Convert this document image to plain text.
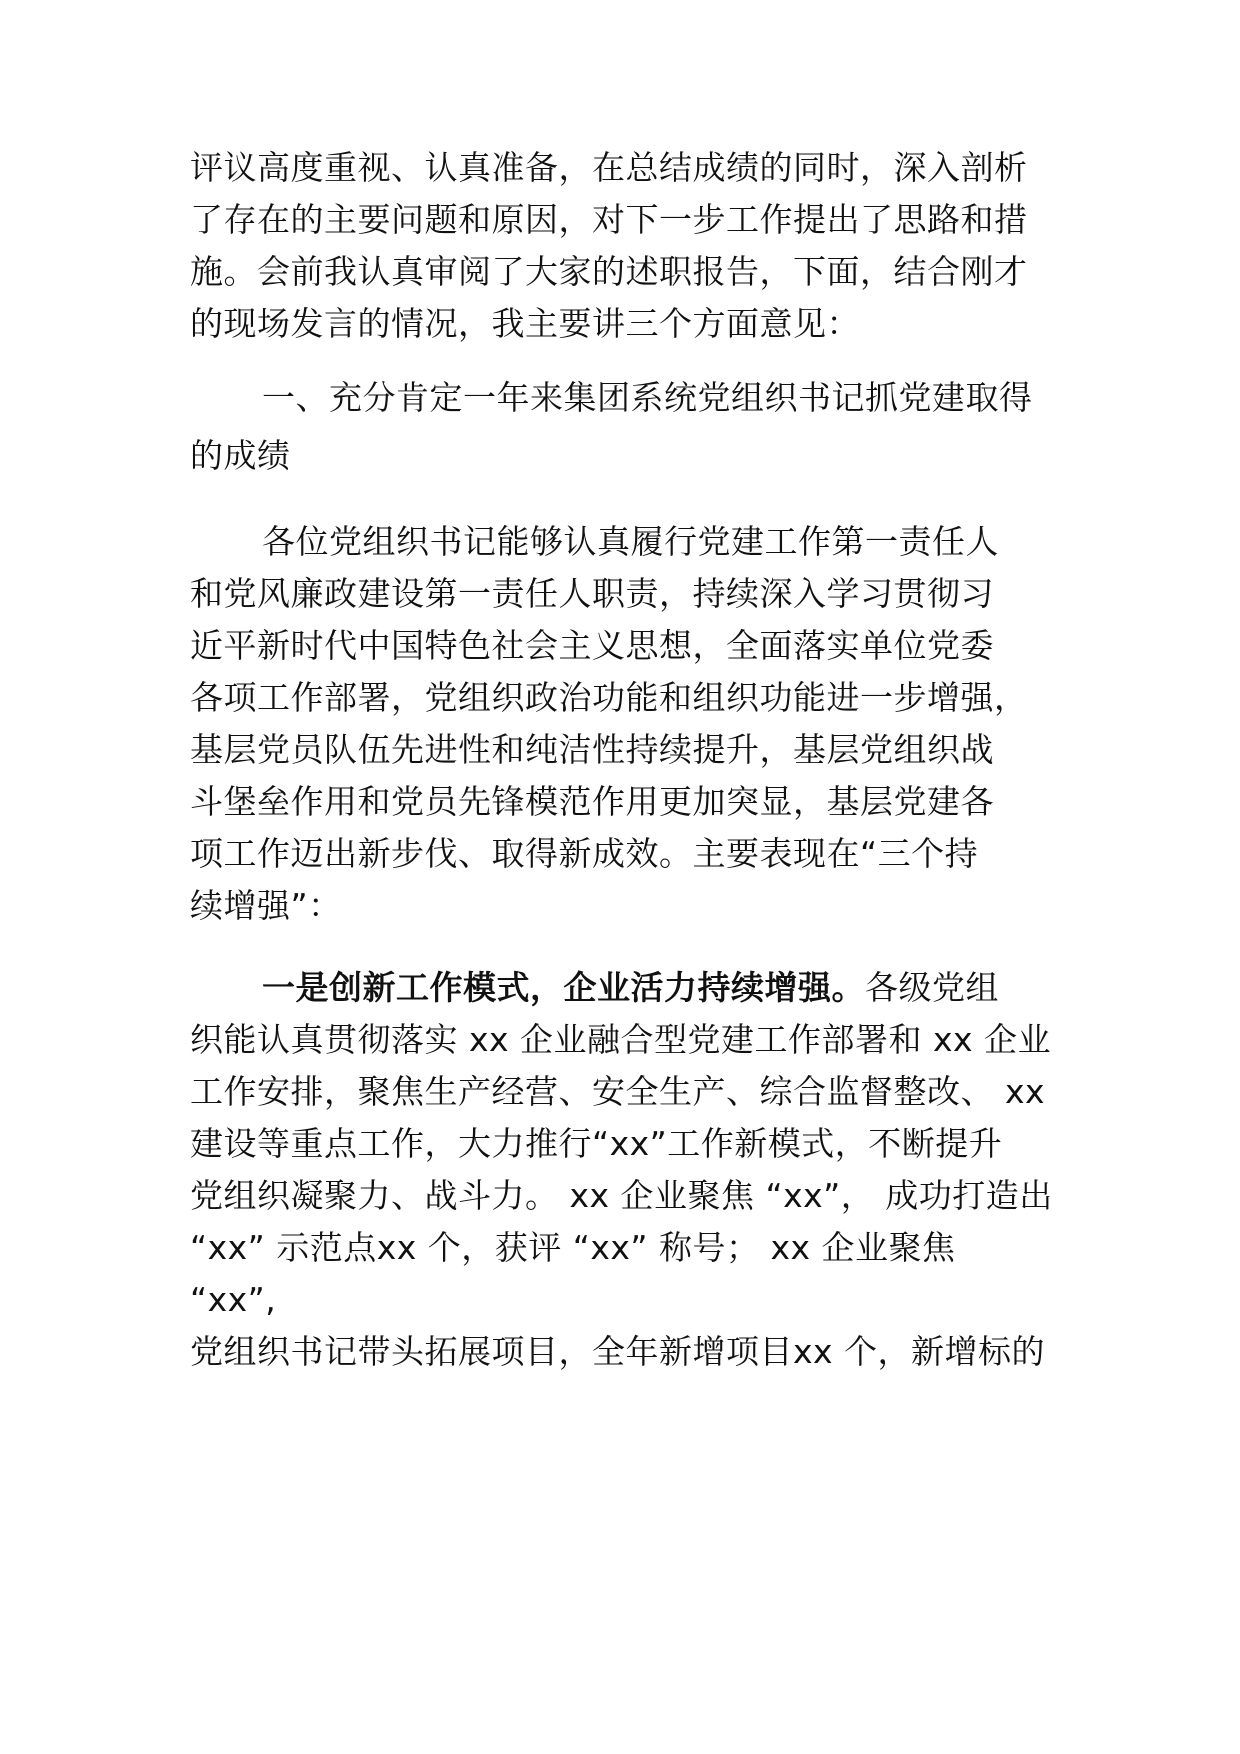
评议高度重视、认真准备，在总结成绩的同时，深入剖析
了存在的主要问题和原因，对下一步工作提出了思路和措
施。会前我认真审阅了大家的述职报告，下面，结合刚才
的现场发言的情况，我主要讲三个方面意见：
一、充分肯定一年来集团系统党组织书记抓党建取得
的成绩
各位党组织书记能够认真履行党建工作第一责任人
和党风廉政建设第一责任人职责，持续深入学习贯彻习
近平新时代中国特色社会主义思想，全面落实单位党委
各项工作部署，党组织政治功能和组织功能进一步增强，
基层党员队伍先进性和纯洁性持续提升，基层党组织战
斗堡垒作用和党员先锋模范作用更加突显，基层党建各
项工作迈出新步伐、取得新成效。主要表现在“三个持
续增强”：
一是创新工作模式，企业活力持续增强。各级党组
织能认真贯彻落实 xx 企业融合型党建工作部署和 xx 企业
工作安排，聚焦生产经营、安全生产、综合监督整改、 xx
建设等重点工作，大力推行“xx”工作新模式，不断提升
党组织凝聚力、战斗力。 xx 企业聚焦 “xx”， 成功打造出
“xx” 示范点xx 个，获评 “xx” 称号； xx 企业聚焦
“xx”,
党组织书记带头拓展项目，全年新增项目xx 个，新增标的
